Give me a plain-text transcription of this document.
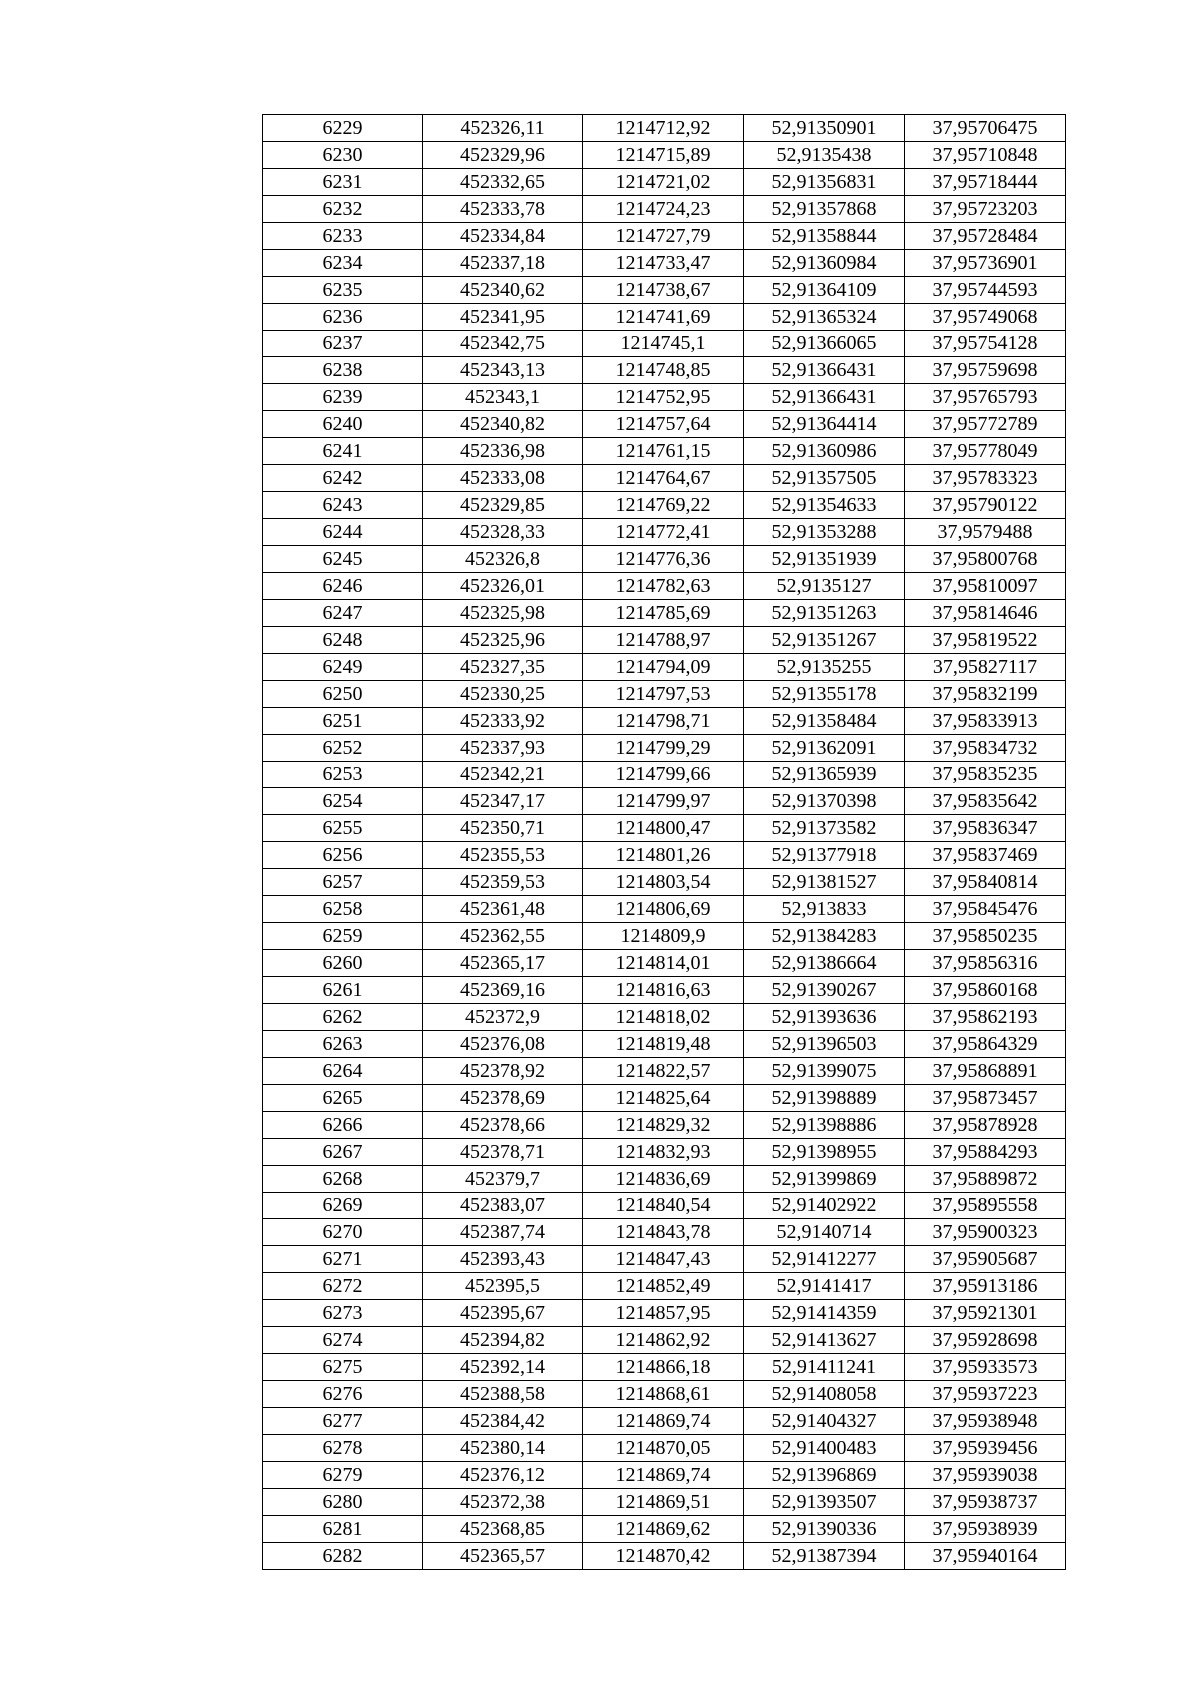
6229	452326,11	1214712,92	52,91350901	37,95706475
6230	452329,96	1214715,89	52,9135438	37,95710848
6231	452332,65	1214721,02	52,91356831	37,95718444
6232	452333,78	1214724,23	52,91357868	37,95723203
6233	452334,84	1214727,79	52,91358844	37,95728484
6234	452337,18	1214733,47	52,91360984	37,95736901
6235	452340,62	1214738,67	52,91364109	37,95744593
6236	452341,95	1214741,69	52,91365324	37,95749068
6237	452342,75	1214745,1	52,91366065	37,95754128
6238	452343,13	1214748,85	52,91366431	37,95759698
6239	452343,1	1214752,95	52,91366431	37,95765793
6240	452340,82	1214757,64	52,91364414	37,95772789
6241	452336,98	1214761,15	52,91360986	37,95778049
6242	452333,08	1214764,67	52,91357505	37,95783323
6243	452329,85	1214769,22	52,91354633	37,95790122
6244	452328,33	1214772,41	52,91353288	37,9579488
6245	452326,8	1214776,36	52,91351939	37,95800768
6246	452326,01	1214782,63	52,9135127	37,95810097
6247	452325,98	1214785,69	52,91351263	37,95814646
6248	452325,96	1214788,97	52,91351267	37,95819522
6249	452327,35	1214794,09	52,9135255	37,95827117
6250	452330,25	1214797,53	52,91355178	37,95832199
6251	452333,92	1214798,71	52,91358484	37,95833913
6252	452337,93	1214799,29	52,91362091	37,95834732
6253	452342,21	1214799,66	52,91365939	37,95835235
6254	452347,17	1214799,97	52,91370398	37,95835642
6255	452350,71	1214800,47	52,91373582	37,95836347
6256	452355,53	1214801,26	52,91377918	37,95837469
6257	452359,53	1214803,54	52,91381527	37,95840814
6258	452361,48	1214806,69	52,913833	37,95845476
6259	452362,55	1214809,9	52,91384283	37,95850235
6260	452365,17	1214814,01	52,91386664	37,95856316
6261	452369,16	1214816,63	52,91390267	37,95860168
6262	452372,9	1214818,02	52,91393636	37,95862193
6263	452376,08	1214819,48	52,91396503	37,95864329
6264	452378,92	1214822,57	52,91399075	37,95868891
6265	452378,69	1214825,64	52,91398889	37,95873457
6266	452378,66	1214829,32	52,91398886	37,95878928
6267	452378,71	1214832,93	52,91398955	37,95884293
6268	452379,7	1214836,69	52,91399869	37,95889872
6269	452383,07	1214840,54	52,91402922	37,95895558
6270	452387,74	1214843,78	52,9140714	37,95900323
6271	452393,43	1214847,43	52,91412277	37,95905687
6272	452395,5	1214852,49	52,9141417	37,95913186
6273	452395,67	1214857,95	52,91414359	37,95921301
6274	452394,82	1214862,92	52,91413627	37,95928698
6275	452392,14	1214866,18	52,91411241	37,95933573
6276	452388,58	1214868,61	52,91408058	37,95937223
6277	452384,42	1214869,74	52,91404327	37,95938948
6278	452380,14	1214870,05	52,91400483	37,95939456
6279	452376,12	1214869,74	52,91396869	37,95939038
6280	452372,38	1214869,51	52,91393507	37,95938737
6281	452368,85	1214869,62	52,91390336	37,95938939
6282	452365,57	1214870,42	52,91387394	37,95940164
